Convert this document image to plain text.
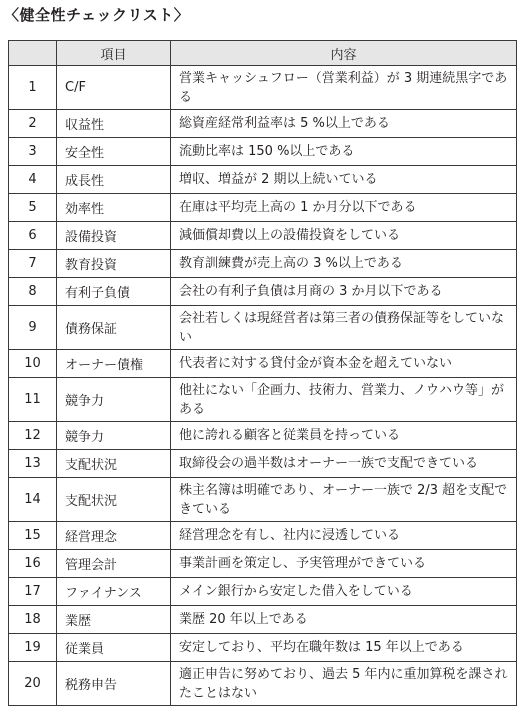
〈健全性チェックリスト〉
	項目	内容
1	C/F	営業キャッシュフロー（営業利益）が 3 期連続黒字である
2	収益性	総資産経常利益率は 5 %以上である
3	安全性	流動比率は 150 %以上である
4	成長性	増収、増益が 2 期以上続いている
5	効率性	在庫は平均売上高の 1 か月分以下である
6	設備投資	減価償却費以上の設備投資をしている
7	教育投資	教育訓練費が売上高の 3 %以上である
8	有利子負債	会社の有利子負債は月商の 3 か月以下である
9	債務保証	会社若しくは現経営者は第三者の債務保証等をしていない
10	オーナー債権	代表者に対する貸付金が資本金を超えていない
11	競争力	他社にない「企画力、技術力、営業力、ノウハウ等」がある
12	競争力	他に誇れる顧客と従業員を持っている
13	支配状況	取締役会の過半数はオーナー一族で支配できている
14	支配状況	株主名簿は明確であり、オーナー一族で 2/3 超を支配できている
15	経営理念	経営理念を有し、社内に浸透している
16	管理会計	事業計画を策定し、予実管理ができている
17	ファイナンス	メイン銀行から安定した借入をしている
18	業歴	業歴 20 年以上である
19	従業員	安定しており、平均在職年数は 15 年以上である
20	税務申告	適正申告に努めており、過去 5 年内に重加算税を課されたことはない
